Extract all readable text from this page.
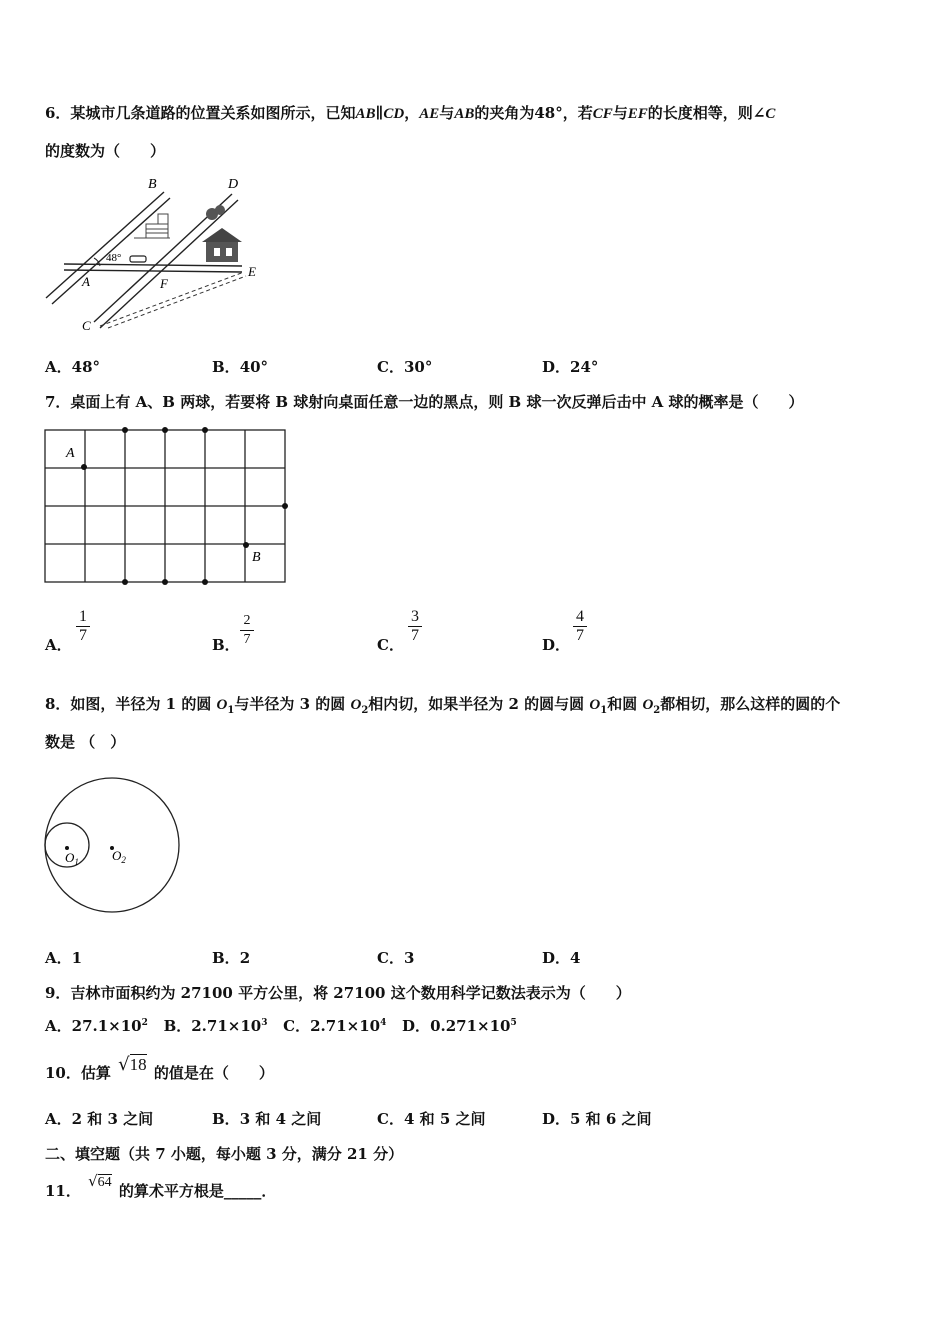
6．某城市几条道路的位置关系如图所示，已知AB∥CD，AE与AB的夹角为48°，若CF与EF的长度相等，则∠C
的度数为（　　）
B	D
48°
A	F
E
C
A．48°	B．40°	C．30°	D．24°
7．桌面上有 A、B 两球，若要将 B 球射向桌面任意一边的黑点，则 B 球一次反弹后击中 A 球的概率是（　　）
A
B
A． $\frac{1}{7}$	B． $\frac{2}{7}$	C． $\frac{3}{7}$	D． $\frac{4}{7}$
8．如图，半径为 1 的圆 $O_1$与半径为 3 的圆 $O_2$相内切，如果半径为 2 的圆与圆 $O_1$和圆 $O_2$都相切，那么这样的圆的个
数是 （　）
$O_1$	$O_2$
A．1	B．2	C．3	D．4
9．吉林市面积约为 27100 平方公里，将 27100 这个数用科学记数法表示为（　　）
A．$27.1\times 10^2$ B．$2.71\times 10^3$ C．$2.71\times 10^4$ D．$0.271\times 10^5$
10．估算 √18 的值是在（　　）
A．2 和 3 之间	B．3 和 4 之间	C．4 和 5 之间	D．5 和 6 之间
二、填空题（共 7 小题，每小题 3 分，满分 21 分）
11． √64 的算术平方根是_____．
